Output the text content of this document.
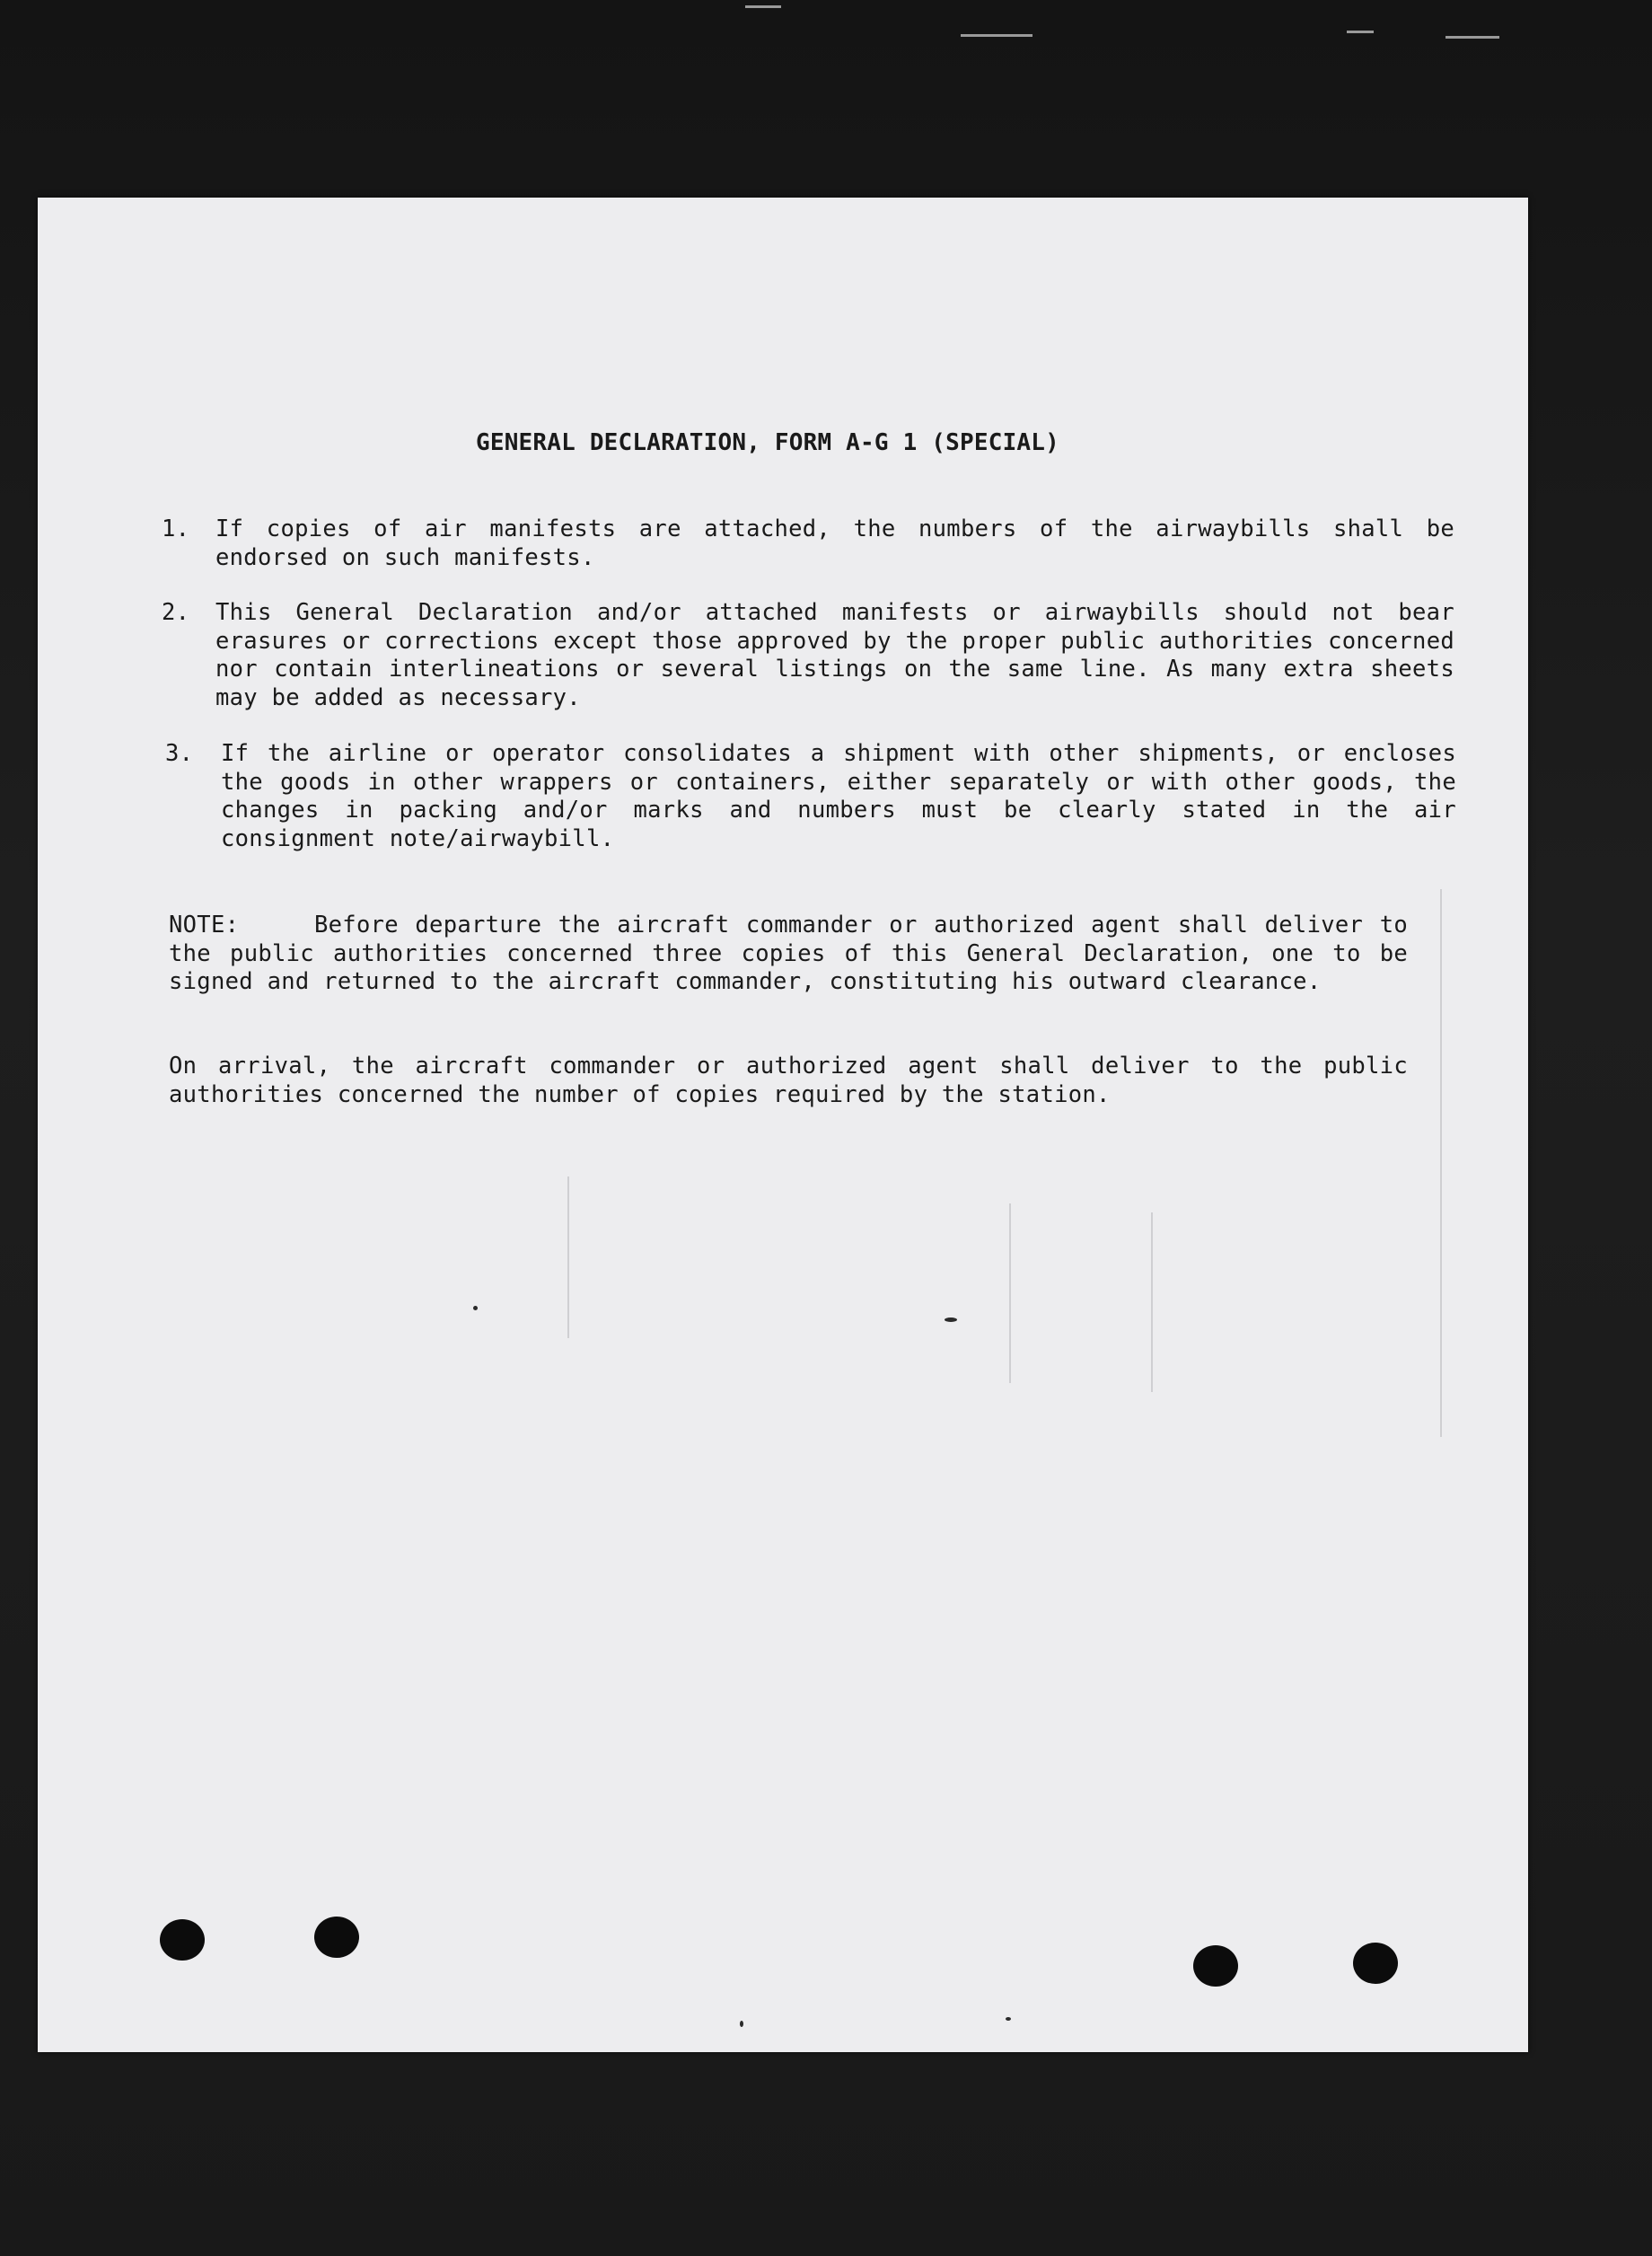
GENERAL DECLARATION, FORM A-G 1 (SPECIAL)
1.	If copies of air manifests are attached, the numbers of the airwaybills shall be endorsed on such manifests.
2.	This General Declaration and/or attached manifests or airwaybills should not bear erasures or corrections except those approved by the proper public authorities concerned nor contain interlineations or several listings on the same line. As many extra sheets may be added as necessary.
3.	If the airline or operator consolidates a shipment with other shipments, or encloses the goods in other wrappers or containers, either separately or with other goods, the changes in packing and/or marks and numbers must be clearly stated in the air consignment note/airwaybill.

NOTE:	Before departure the aircraft commander or authorized agent shall deliver to the public authorities concerned three copies of this General Declaration, one to be signed and returned to the aircraft commander, constituting his outward clearance.

On arrival, the aircraft commander or authorized agent shall deliver to the public authorities concerned the number of copies required by the station.
